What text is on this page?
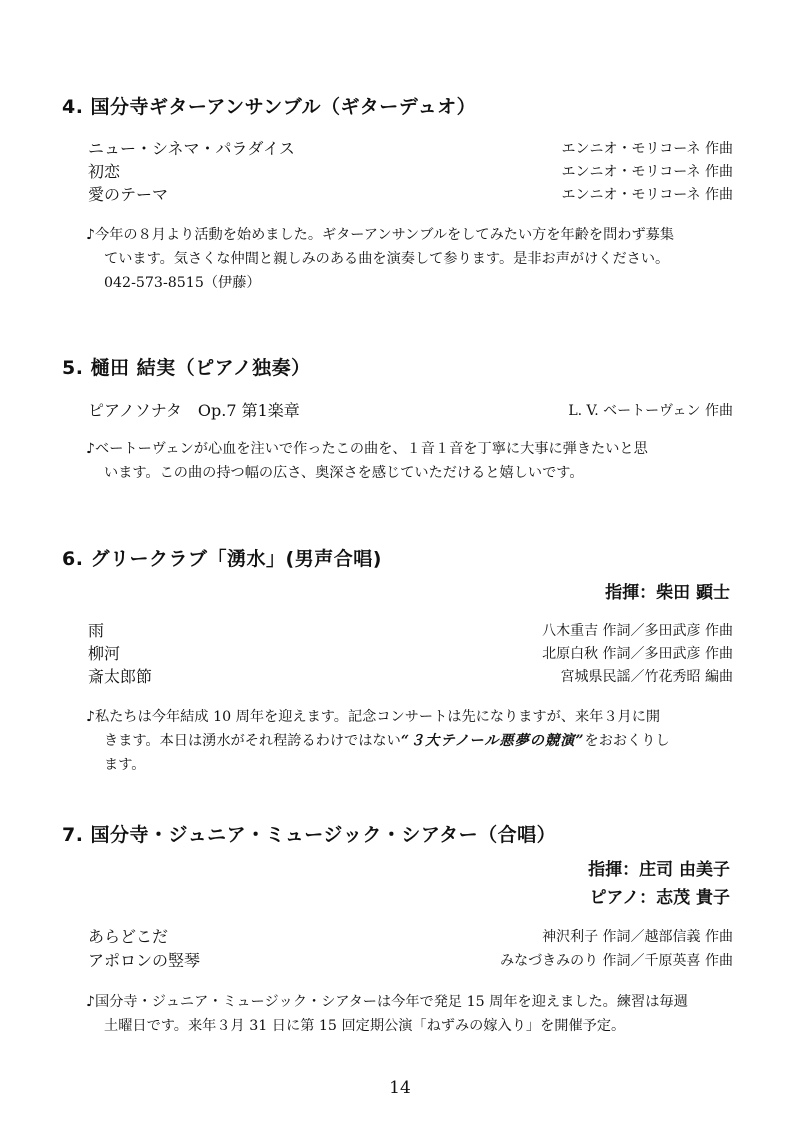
4. 国分寺ギターアンサンブル（ギターデュオ）
ニュー・シネマ・パラダイス	エンニオ・モリコーネ 作曲
初恋	エンニオ・モリコーネ 作曲
愛のテーマ	エンニオ・モリコーネ 作曲
♪今年の８月より活動を始めました。ギターアンサンブルをしてみたい方を年齢を問わず募集
ています。気さくな仲間と親しみのある曲を演奏して参ります。是非お声がけください。
042-573-8515（伊藤）
5. 樋田 結実（ピアノ独奏）
ピアノソナタ　Op.7 第1楽章	L. V. ベートーヴェン 作曲
♪ベートーヴェンが心血を注いで作ったこの曲を、１音１音を丁寧に大事に弾きたいと思
います。この曲の持つ幅の広さ、奥深さを感じていただけると嬉しいです。
6. グリークラブ「湧水」(男声合唱)
指揮：柴田 顕士
雨	八木重吉 作詞／多田武彦 作曲
柳河	北原白秋 作詞／多田武彦 作曲
斎太郎節	宮城県民謡／竹花秀昭 編曲
♪私たちは今年結成 10 周年を迎えます。記念コンサートは先になりますが、来年３月に開
きます。本日は湧水がそれ程誇るわけではない“３大テノール悪夢の競演”をおおくりし
ます。
7. 国分寺・ジュニア・ミュージック・シアター（合唱）
指揮：庄司 由美子
ピアノ：志茂 貴子
あらどこだ	神沢利子 作詞／越部信義 作曲
アポロンの竪琴	みなづきみのり 作詞／千原英喜 作曲
♪国分寺・ジュニア・ミュージック・シアターは今年で発足 15 周年を迎えました。練習は毎週
土曜日です。来年３月 31 日に第 15 回定期公演「ねずみの嫁入り」を開催予定。
14
